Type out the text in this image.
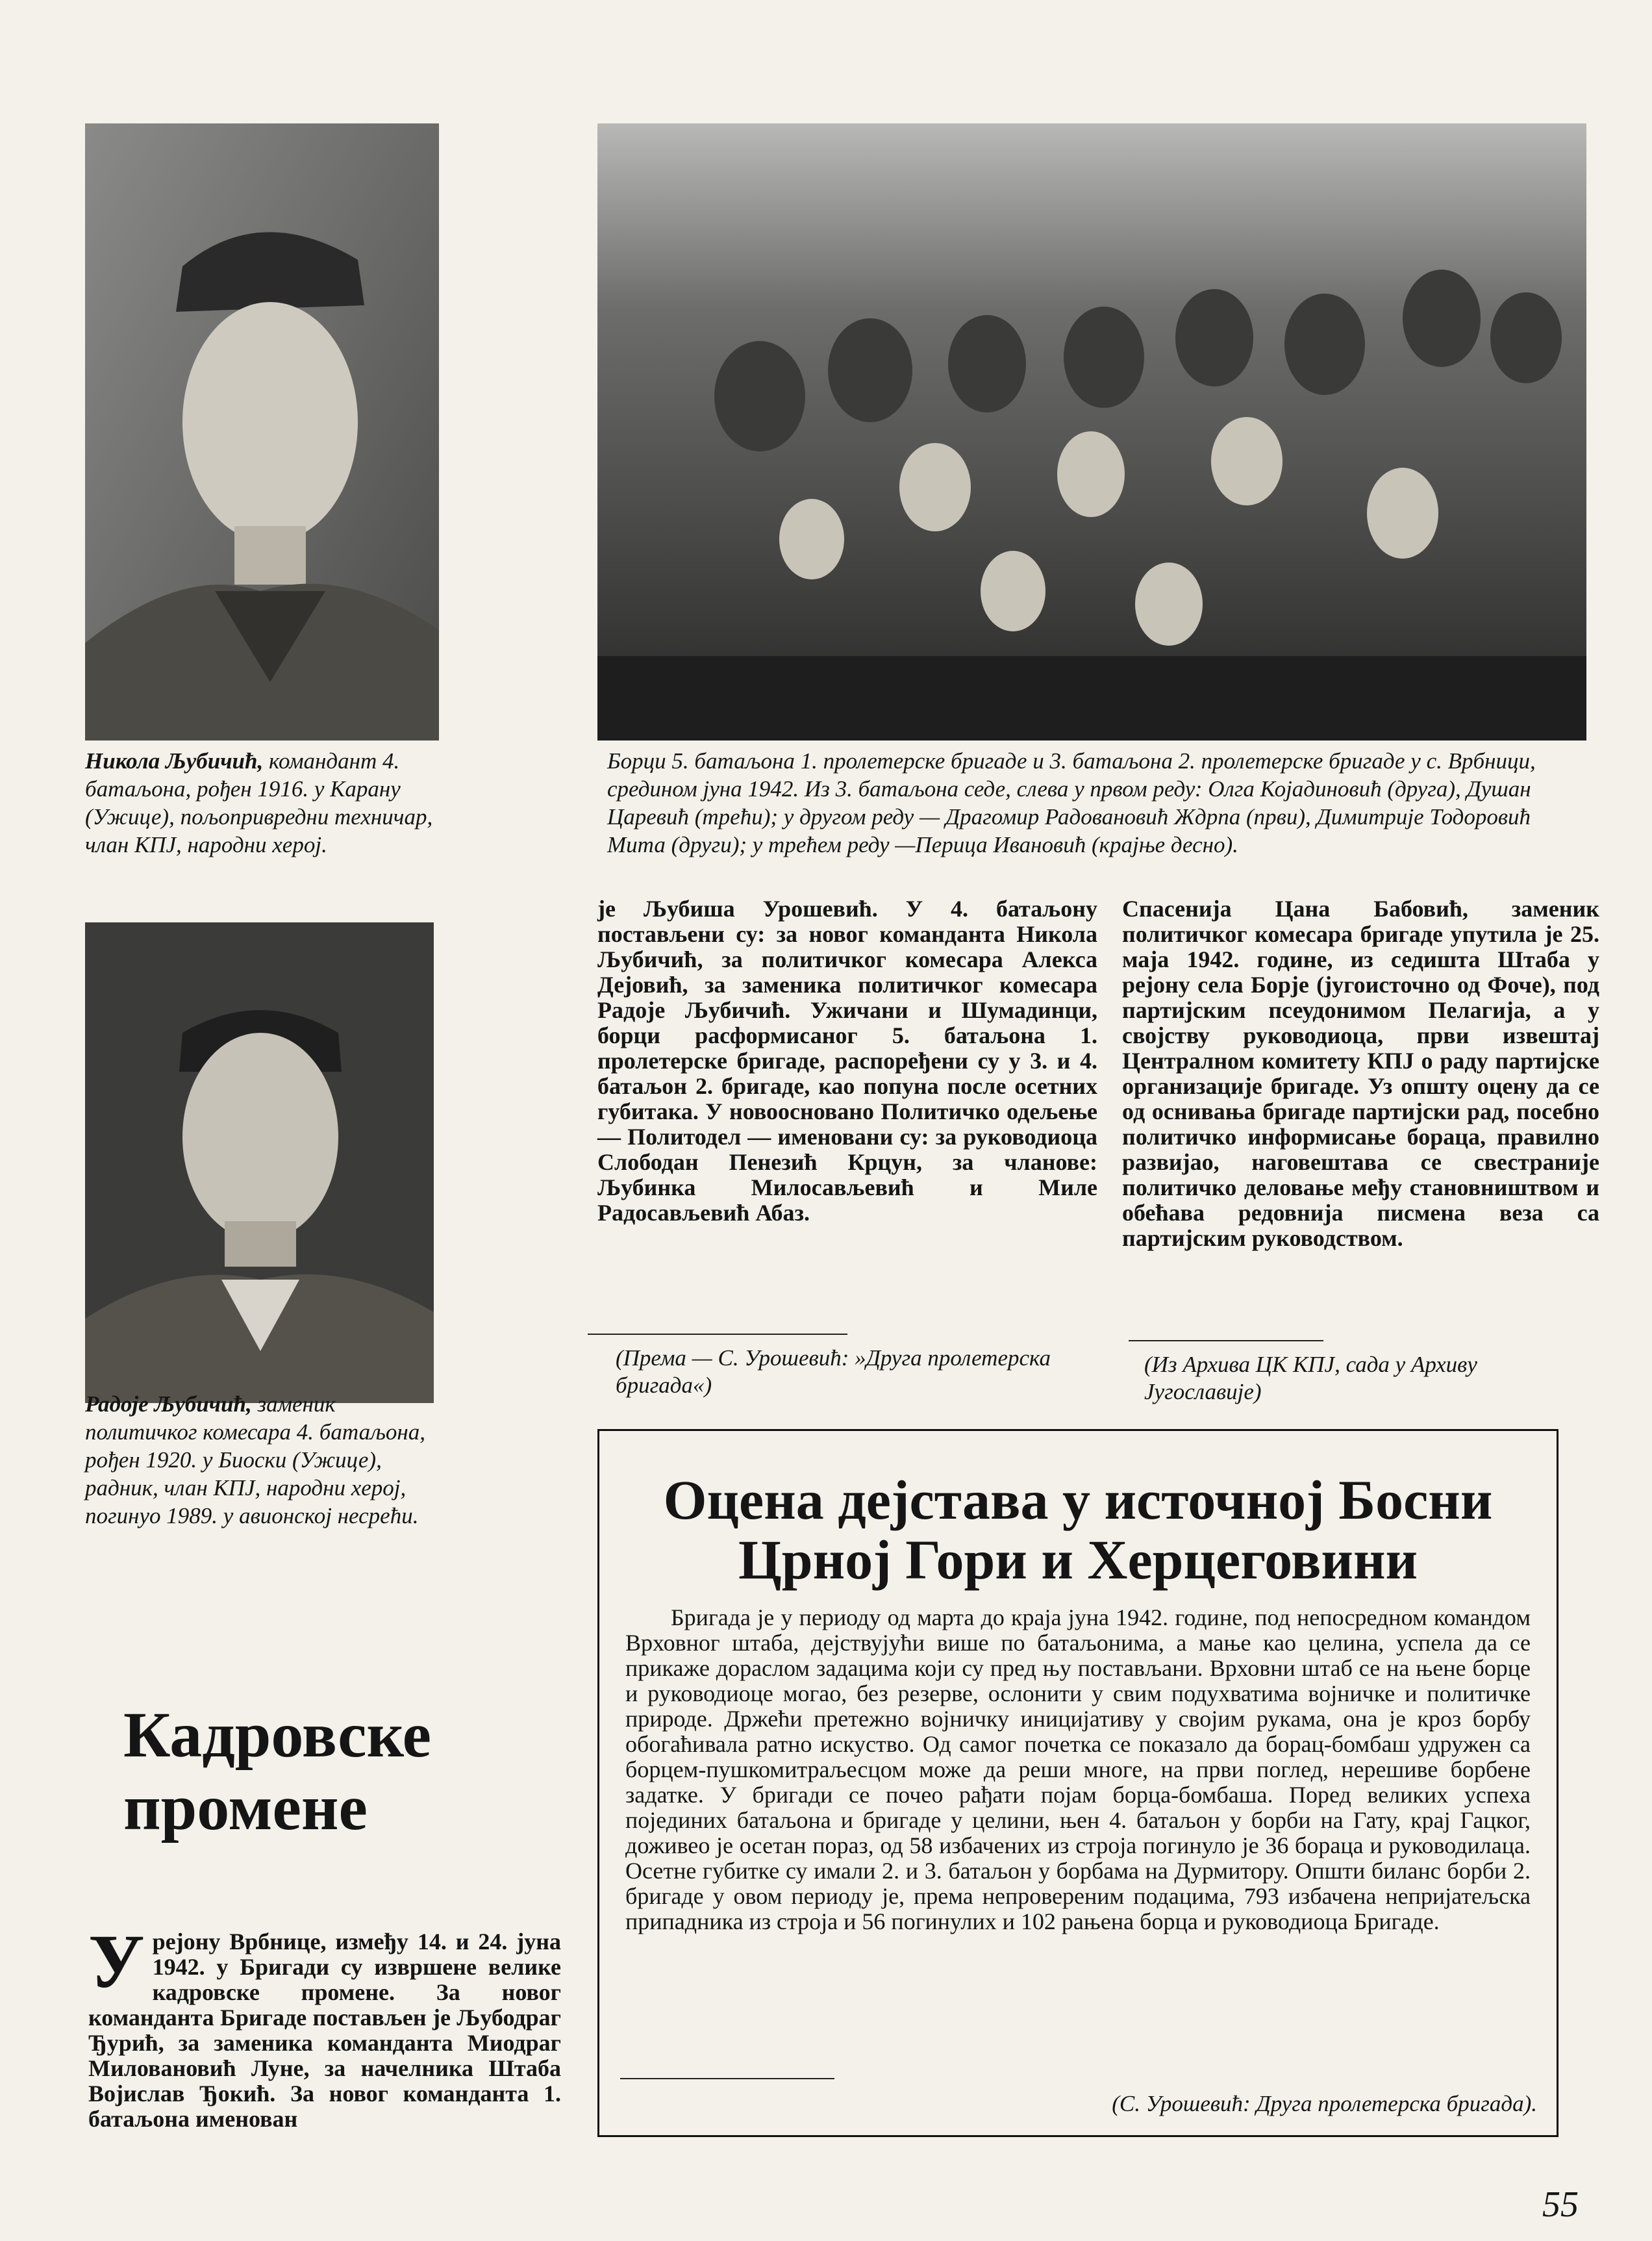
Никола Љубичић, командант 4. батаљона, рођен 1916. у Карану (Ужице), пољопривредни техничар, члан КПЈ, народни херој.
Борци 5. батаљона 1. пролетерске бригаде и 3. батаљона 2. пролетерске бригаде у с. Врбници, средином јуна 1942. Из 3. батаљона седе, слева у првом реду: Олга Којадиновић (друга), Душан Царевић (трећи); у другом реду — Драгомир Радовановић Ждрпа (први), Димитрије Тодоровић Мита (други); у трећем реду —Перица Ивановић (крајње десно).
Радоје Љубичић, заменик политичког комесара 4. батаљона, рођен 1920. у Биоски (Ужице), радник, члан КПЈ, народни херој, погинуо 1989. у авионској несрећи.
Кадровске
промене
Урејону Врбнице, између 14. и 24. јуна 1942. у Бригади су извршене велике кадровске промене. За новог команданта Бригаде постављен је Љубодраг Ђурић, за заменика команданта Миодраг Миловановић Луне, за начелника Штаба Војислав Ђокић. За новог команданта 1. батаљона именован

је Љубиша Урошевић. У 4. батаљону постављени су: за новог команданта Никола Љубичић, за политичког комесара Алекса Дејовић, за заменика политичког комесара Радоје Љубичић. Ужичани и Шумадинци, борци расформисаног 5. батаљона 1. пролетерске бригаде, распоређени су у 3. и 4. батаљон 2. бригаде, као попуна после осетних губитака. У новоосновано Политичко одељење — Политодел — именовани су: за руководиоца Слободан Пенезић Крцун, за чланове: Љубинка Милосављевић и Миле Радосављевић Абаз.

(Према — С. Урошевић: »Друга пролетерска бригада«)
Спасенија Цана Бабовић, заменик политичког комесара бригаде упутила је 25. маја 1942. године, из седишта Штаба у рејону села Борје (југоисточно од Фоче), под партијским псеудонимом Пелагија, а у својству руководиоца, први извештај Централном комитету КПЈ о раду партијске организације бригаде. Уз општу оцену да се од оснивања бригаде партијски рад, посебно политичко информисање бораца, правилно развијао, наговештава се свестраније политичко деловање међу становништвом и обећава редовнија писмена веза са партијским руководством.
(Из Архива ЦК КПЈ, сада у Архиву Југославије)

Оцена дејстава у источној Босни

Црној Гори и Херцеговини

Бригада је у периоду од марта до краја јуна 1942. године, под непосредном командом Врховног штаба, дејствујући више по батаљонима, а мање као целина, успела да се прикаже дораслом задацима који су пред њу постављани. Врховни штаб се на њене борце и руководиоце могао, без резерве, ослонити у свим подухватима војничке и политичке природе. Држећи претежно војничку иницијативу у својим рукама, она је кроз борбу обогаћивала ратно искуство. Од самог почетка се показало да борац-бомбаш удружен са борцем-пушкомитраљесцом може да реши многе, на први поглед, нерешиве борбене задатке. У бригади се почео рађати појам борца-бомбаша. Поред великих успеха појединих батаљона и бригаде у целини, њен 4. батаљон у борби на Гату, крај Гацког, доживео је осетан пораз, од 58 избачених из строја погинуло је 36 бораца и руководилаца. Осетне губитке су имали 2. и 3. батаљон у борбама на Дурмитору. Општи биланс борби 2. бригаде у овом периоду је, према непровереним подацима, 793 избачена непријатељска припадника из строја и 56 погинулих и 102 рањена борца и руководиоца Бригаде.
(С. Урошевић: Друга пролетерска бригада).
55
